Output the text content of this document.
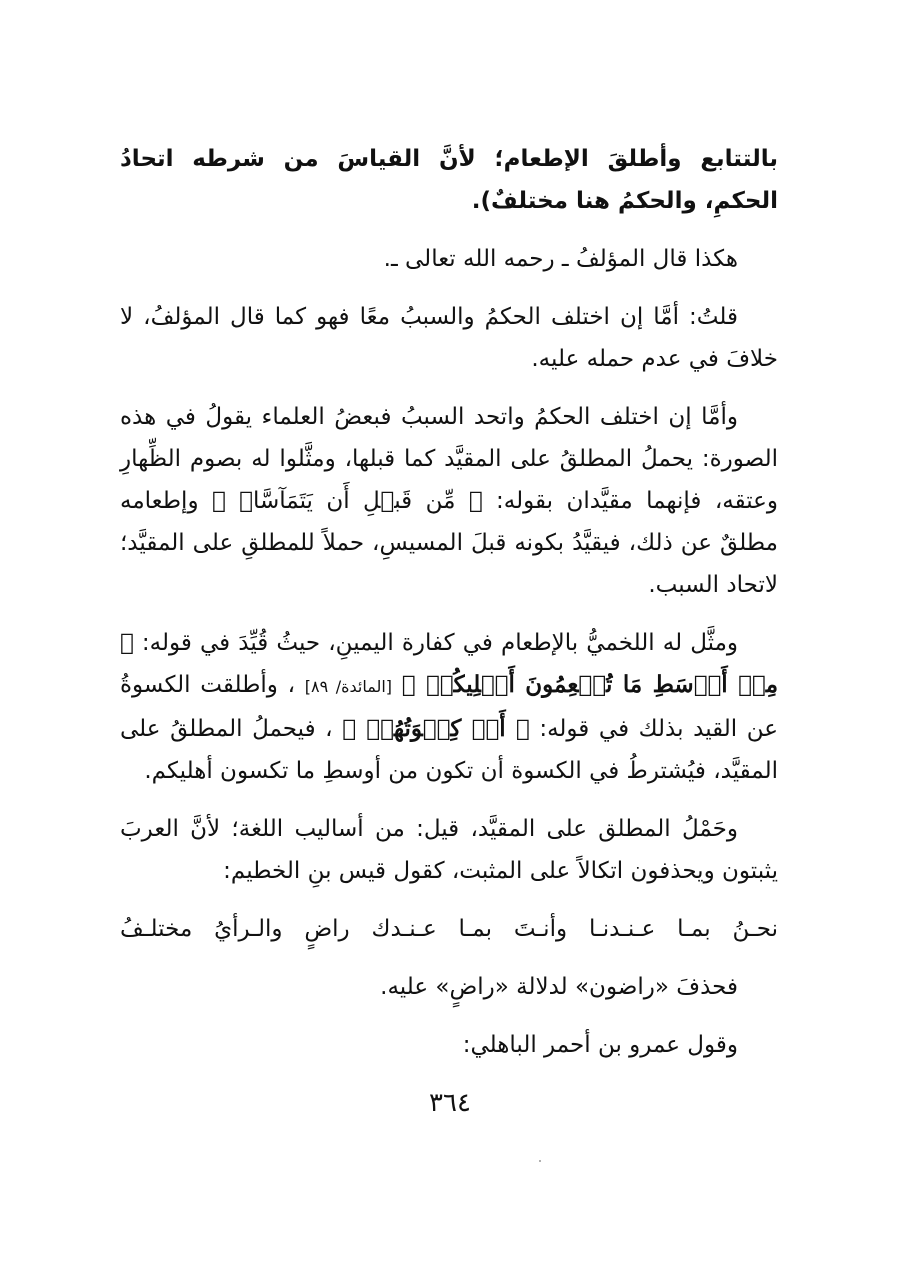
بالتتابع وأطلقَ الإطعام؛ لأنَّ القياسَ من شرطه اتحادُ الحكمِ، والحكمُ هنا مختلفٌ).

هكذا قال المؤلفُ ـ رحمه الله تعالى ـ.

قلتُ: أمَّا إن اختلف الحكمُ والسببُ معًا فهو كما قال المؤلفُ، لا خلافَ في عدم حمله عليه.

وأمَّا إن اختلف الحكمُ واتحد السببُ فبعضُ العلماء يقولُ في هذه الصورة: يحملُ المطلقُ على المقيَّد كما قبلها، ومثَّلوا له بصوم الظِّهارِ وعتقه، فإنهما مقيَّدان بقوله: ﴿ مِّن قَبۡلِ أَن يَتَمَآسَّاۚ ﴾ وإطعامه مطلقٌ عن ذلك، فيقيَّدُ بكونه قبلَ المسيسِ، حملاً للمطلقِ على المقيَّد؛ لاتحاد السبب.

ومثَّل له اللخميُّ بالإطعام في كفارة اليمينِ، حيثُ قُيِّدَ في قوله: ﴿ مِنۡ أَوۡسَطِ مَا تُطۡعِمُونَ أَهۡلِيكُمۡ ﴾ [المائدة/ ٨٩] ، وأطلقت الكسوةُ عن القيد بذلك في قوله: ﴿ أَوۡ كِسۡوَتُهُمۡ ﴾ ، فيحملُ المطلقُ على المقيَّد، فيُشترطُ في الكسوة أن تكون من أوسطِ ما تكسون أهليكم.

وحَمْلُ المطلق على المقيَّد، قيل: من أساليب اللغة؛ لأنَّ العربَ يثبتون ويحذفون اتكالاً على المثبت، كقول قيس بنِ الخطيم:

نحـنُ بمـا عـنـدنـا وأنـتَ بمـا عـنـدك راضٍ والـرأيُ مختلـفُ

فحذفَ «راضون» لدلالة «راضٍ» عليه.

وقول عمرو بن أحمر الباهلي:

٣٦٤
